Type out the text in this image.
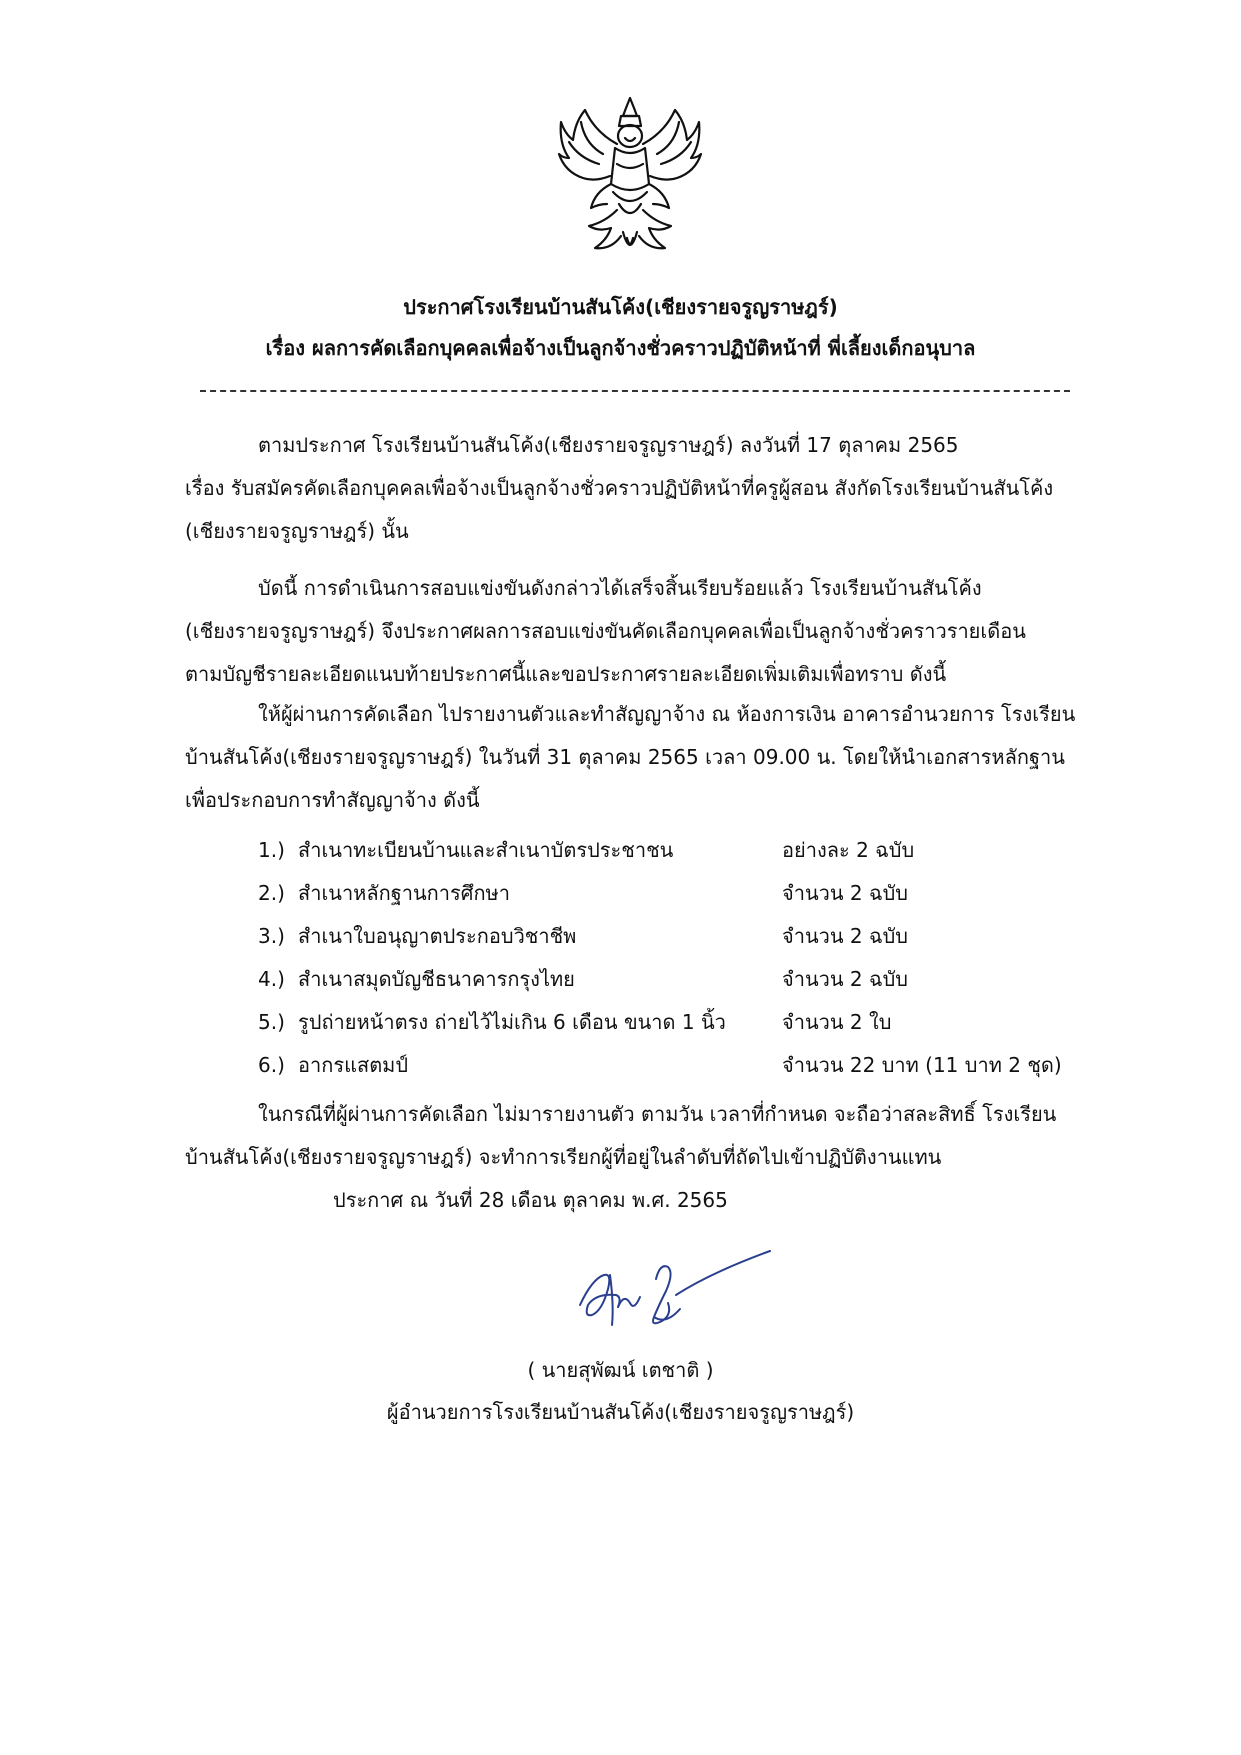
ประกาศโรงเรียนบ้านสันโค้ง(เชียงรายจรูญราษฎร์)
เรื่อง ผลการคัดเลือกบุคคลเพื่อจ้างเป็นลูกจ้างชั่วคราวปฏิบัติหน้าที่ พี่เลี้ยงเด็กอนุบาล
ตามประกาศ โรงเรียนบ้านสันโค้ง(เชียงรายจรูญราษฎร์) ลงวันที่ 17 ตุลาคม 2565
เรื่อง รับสมัครคัดเลือกบุคคลเพื่อจ้างเป็นลูกจ้างชั่วคราวปฏิบัติหน้าที่ครูผู้สอน สังกัดโรงเรียนบ้านสันโค้ง
(เชียงรายจรูญราษฎร์) นั้น
บัดนี้ การดำเนินการสอบแข่งขันดังกล่าวได้เสร็จสิ้นเรียบร้อยแล้ว โรงเรียนบ้านสันโค้ง
(เชียงรายจรูญราษฎร์) จึงประกาศผลการสอบแข่งขันคัดเลือกบุคคลเพื่อเป็นลูกจ้างชั่วคราวรายเดือน
ตามบัญชีรายละเอียดแนบท้ายประกาศนี้และขอประกาศรายละเอียดเพิ่มเติมเพื่อทราบ ดังนี้
ให้ผู้ผ่านการคัดเลือก ไปรายงานตัวและทำสัญญาจ้าง ณ ห้องการเงิน อาคารอำนวยการ โรงเรียน
บ้านสันโค้ง(เชียงรายจรูญราษฎร์) ในวันที่ 31 ตุลาคม 2565 เวลา 09.00 น. โดยให้นำเอกสารหลักฐาน
เพื่อประกอบการทำสัญญาจ้าง ดังนี้
1.) สำเนาทะเบียนบ้านและสำเนาบัตรประชาชน	อย่างละ 2 ฉบับ
2.) สำเนาหลักฐานการศึกษา	จำนวน 2 ฉบับ
3.) สำเนาใบอนุญาตประกอบวิชาชีพ	จำนวน 2 ฉบับ
4.) สำเนาสมุดบัญชีธนาคารกรุงไทย	จำนวน 2 ฉบับ
5.) รูปถ่ายหน้าตรง ถ่ายไว้ไม่เกิน 6 เดือน ขนาด 1 นิ้ว	จำนวน 2 ใบ
6.) อากรแสตมป์	จำนวน 22 บาท (11 บาท 2 ชุด)
ในกรณีที่ผู้ผ่านการคัดเลือก ไม่มารายงานตัว ตามวัน เวลาที่กำหนด จะถือว่าสละสิทธิ์ โรงเรียน
บ้านสันโค้ง(เชียงรายจรูญราษฎร์) จะทำการเรียกผู้ที่อยู่ในลำดับที่ถัดไปเข้าปฏิบัติงานแทน
ประกาศ ณ วันที่ 28 เดือน ตุลาคม พ.ศ. 2565
( นายสุพัฒน์ เตชาติ )
ผู้อำนวยการโรงเรียนบ้านสันโค้ง(เชียงรายจรูญราษฎร์)
